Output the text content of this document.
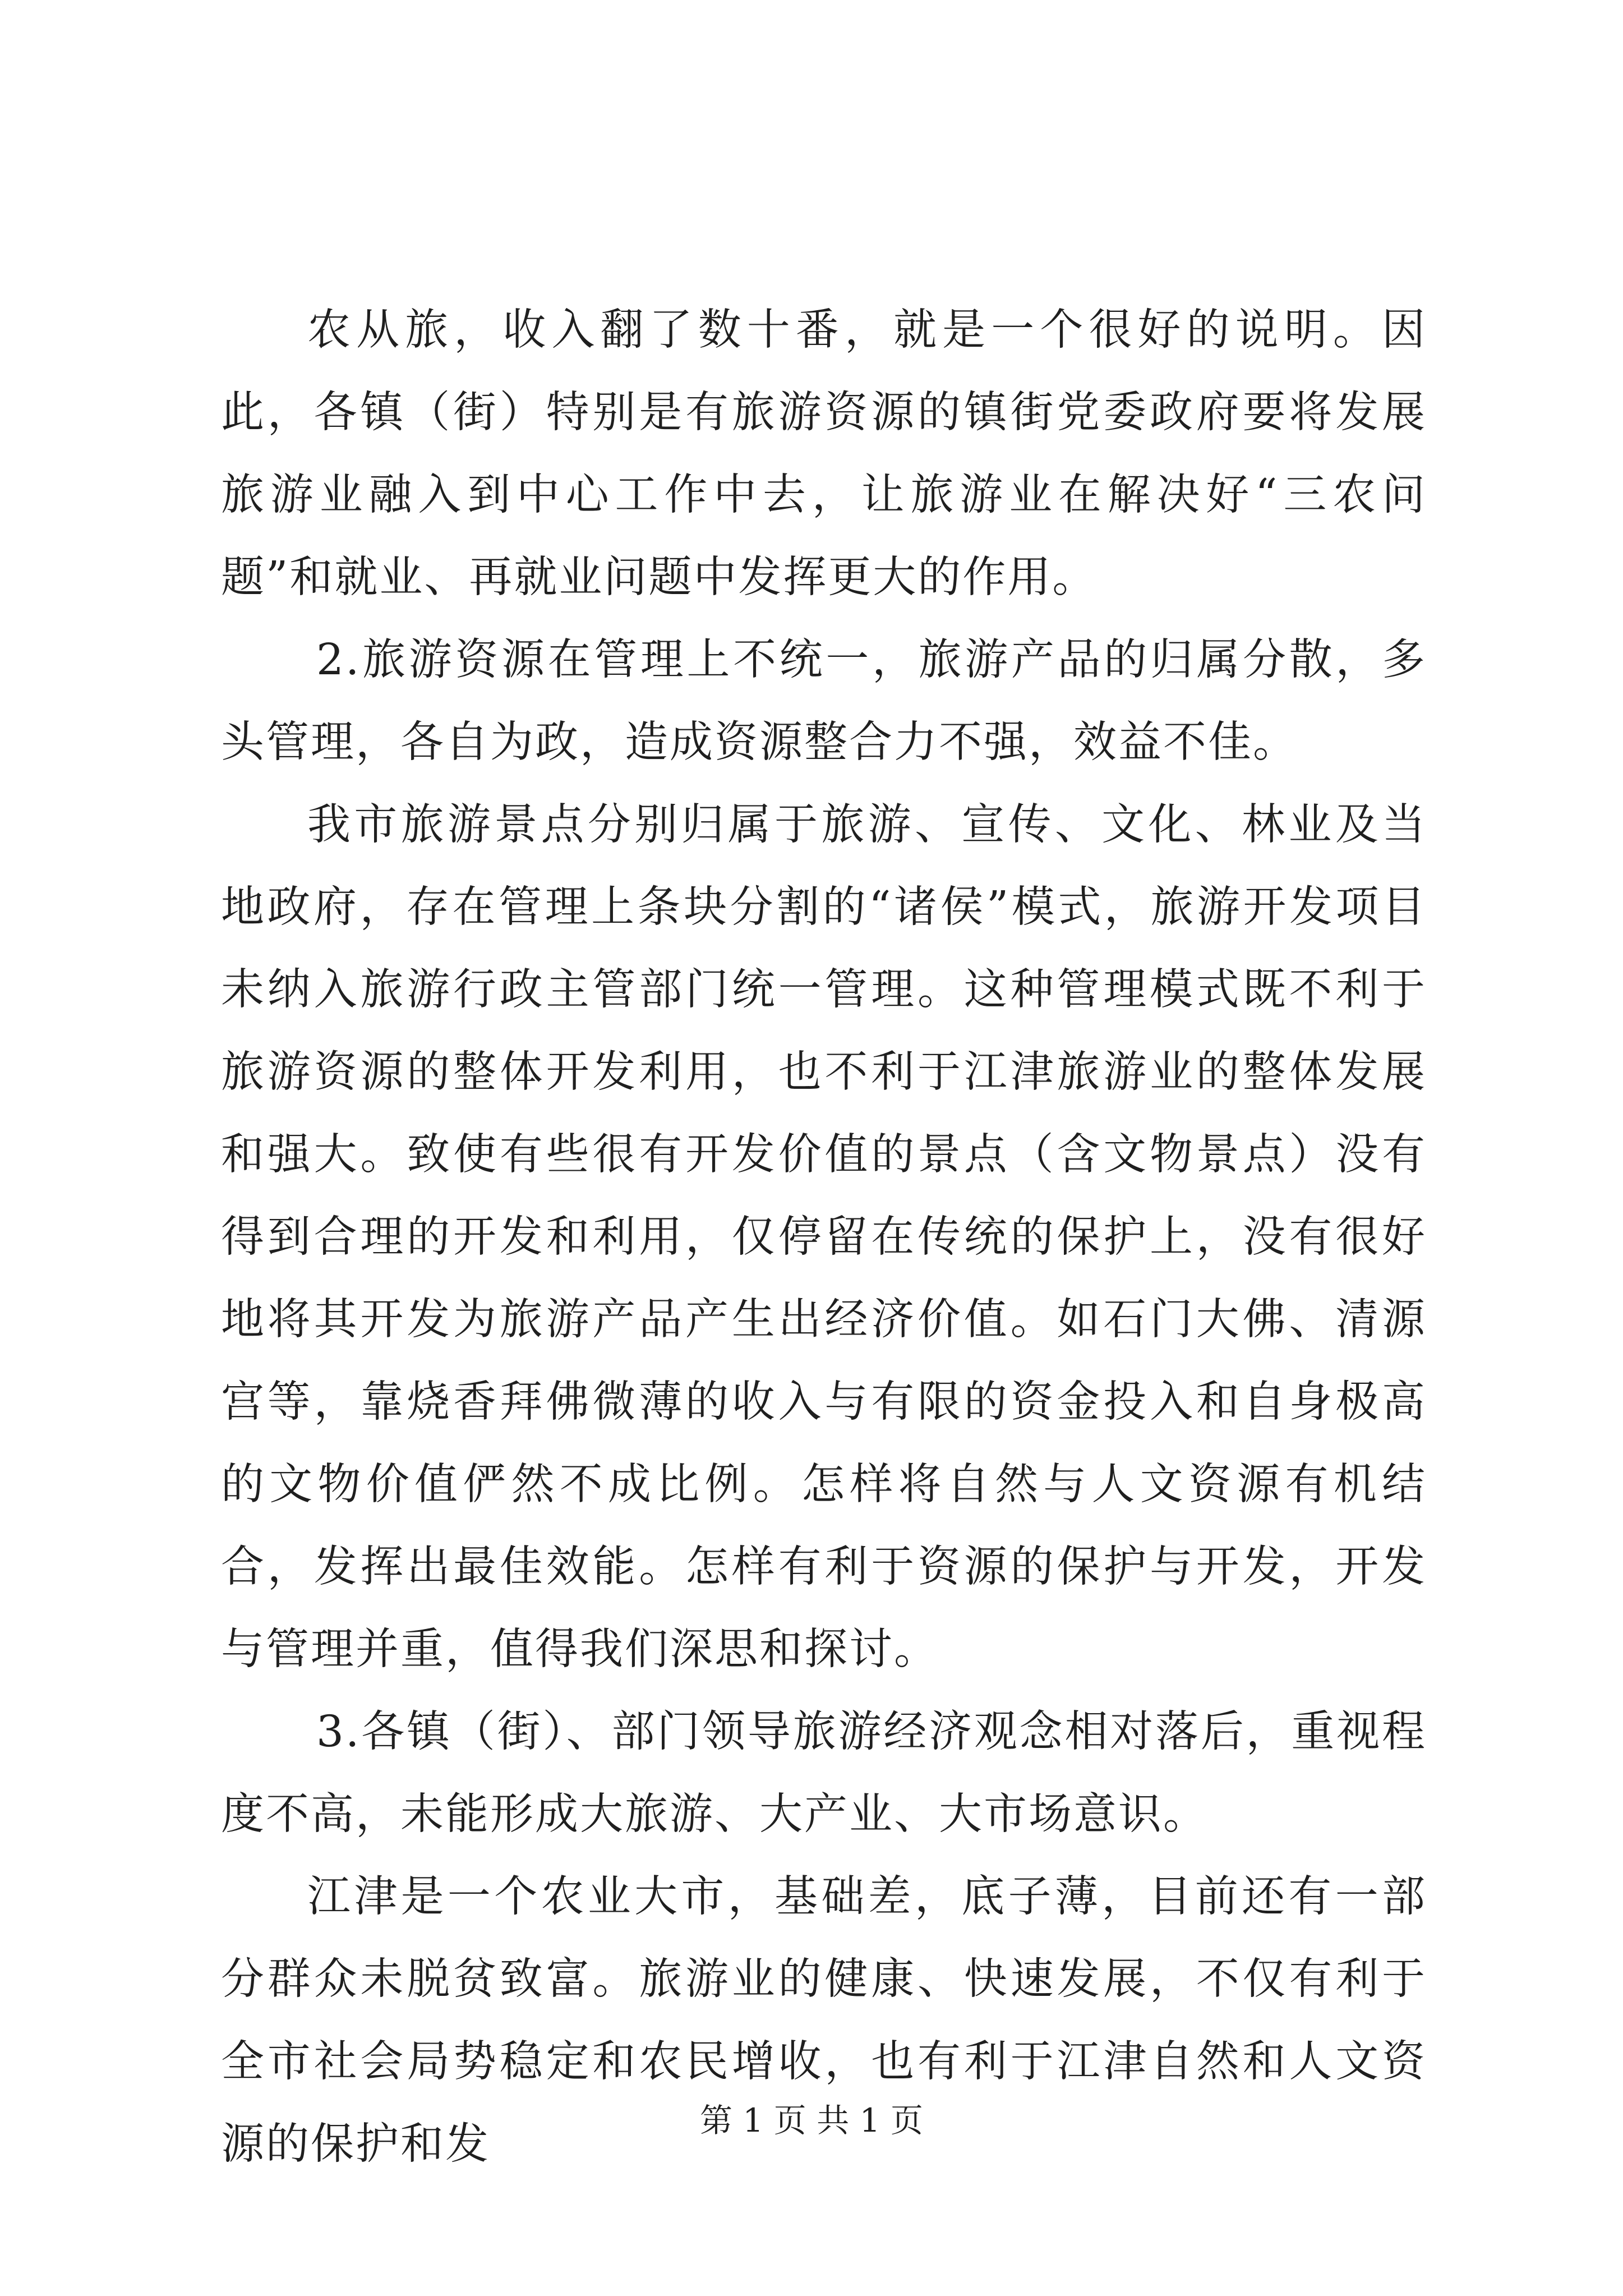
农从旅，收入翻了数十番，就是一个很好的说明。因此，各镇（街）特别是有旅游资源的镇街党委政府要将发展旅游业融入到中心工作中去，让旅游业在解决好“三农问题”和就业、再就业问题中发挥更大的作用。

2.旅游资源在管理上不统一，旅游产品的归属分散，多头管理，各自为政，造成资源整合力不强，效益不佳。

我市旅游景点分别归属于旅游、宣传、文化、林业及当地政府，存在管理上条块分割的“诸侯”模式，旅游开发项目未纳入旅游行政主管部门统一管理。这种管理模式既不利于旅游资源的整体开发利用，也不利于江津旅游业的整体发展和强大。致使有些很有开发价值的景点（含文物景点）没有得到合理的开发和利用，仅停留在传统的保护上，没有很好地将其开发为旅游产品产生出经济价值。如石门大佛、清源宫等，靠烧香拜佛微薄的收入与有限的资金投入和自身极高的文物价值俨然不成比例。怎样将自然与人文资源有机结合，发挥出最佳效能。怎样有利于资源的保护与开发，开发与管理并重，值得我们深思和探讨。

3.各镇（街）、部门领导旅游经济观念相对落后，重视程度不高，未能形成大旅游、大产业、大市场意识。

江津是一个农业大市，基础差，底子薄，目前还有一部分群众未脱贫致富。旅游业的健康、快速发展，不仅有利于全市社会局势稳定和农民增收，也有利于江津自然和人文资源的保护和发	第 1 页 共 1 页
